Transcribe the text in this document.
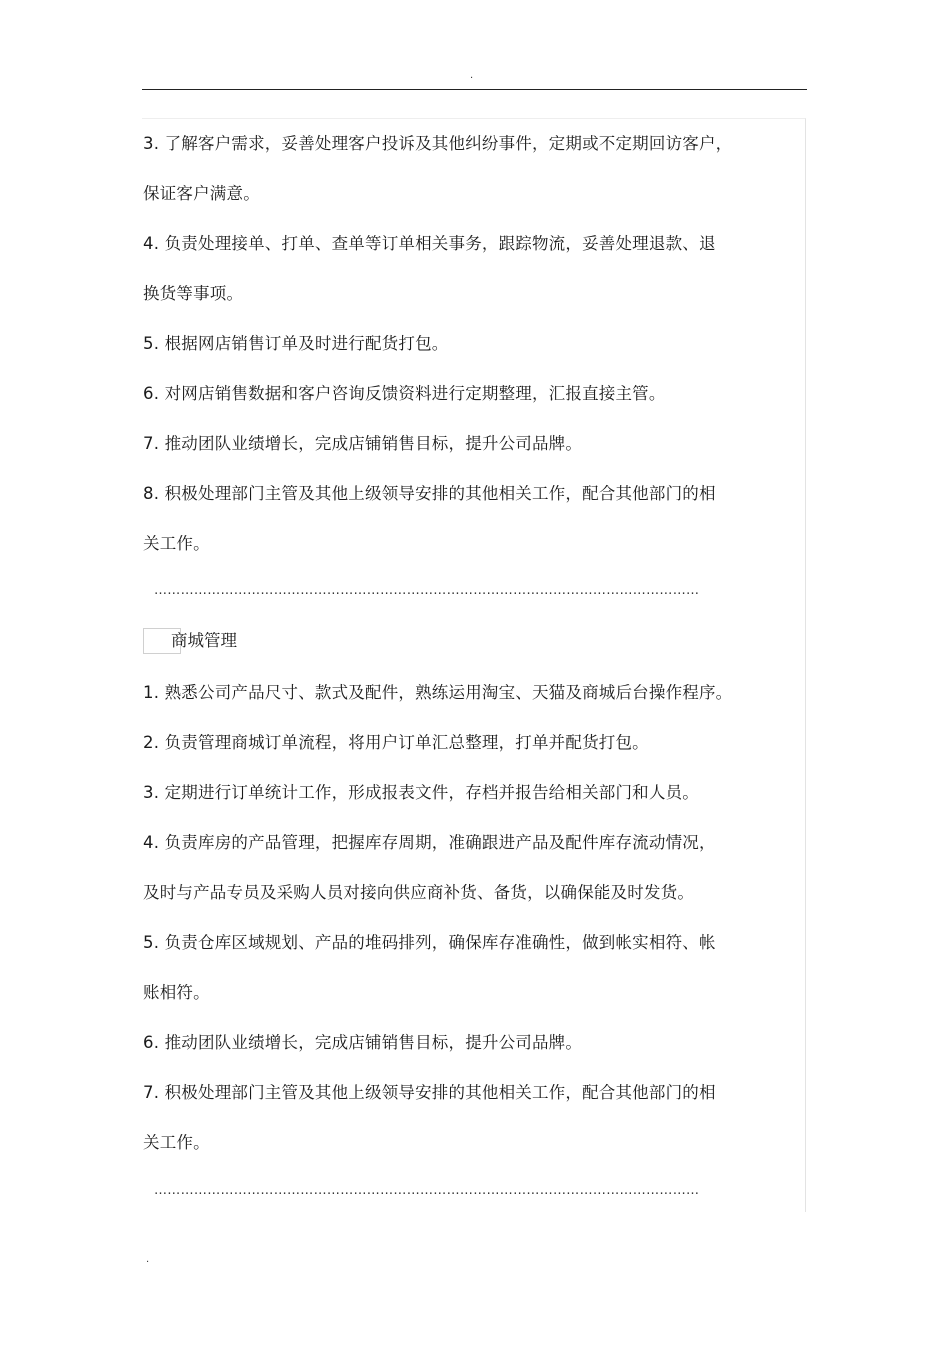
.
3. 了解客户需求，妥善处理客户投诉及其他纠纷事件，定期或不定期回访客户，
保证客户满意。
4. 负责处理接单、打单、查单等订单相关事务，跟踪物流，妥善处理退款、退
换货等事项。
5. 根据网店销售订单及时进行配货打包。
6. 对网店销售数据和客户咨询反馈资料进行定期整理，汇报直接主管。
7. 推动团队业绩增长，完成店铺销售目标，提升公司品牌。
8. 积极处理部门主管及其他上级领导安排的其他相关工作，配合其他部门的相
关工作。
……………………………………………………………………………………………………………
商城管理
1. 熟悉公司产品尺寸、款式及配件，熟练运用淘宝、天猫及商城后台操作程序。
2. 负责管理商城订单流程，将用户订单汇总整理，打单并配货打包。
3. 定期进行订单统计工作，形成报表文件，存档并报告给相关部门和人员。
4. 负责库房的产品管理，把握库存周期，准确跟进产品及配件库存流动情况，
及时与产品专员及采购人员对接向供应商补货、备货，以确保能及时发货。
5. 负责仓库区域规划、产品的堆码排列，确保库存准确性，做到帐实相符、帐
账相符。
6. 推动团队业绩增长，完成店铺销售目标，提升公司品牌。
7. 积极处理部门主管及其他上级领导安排的其他相关工作，配合其他部门的相
关工作。
……………………………………………………………………………………………………………
.
